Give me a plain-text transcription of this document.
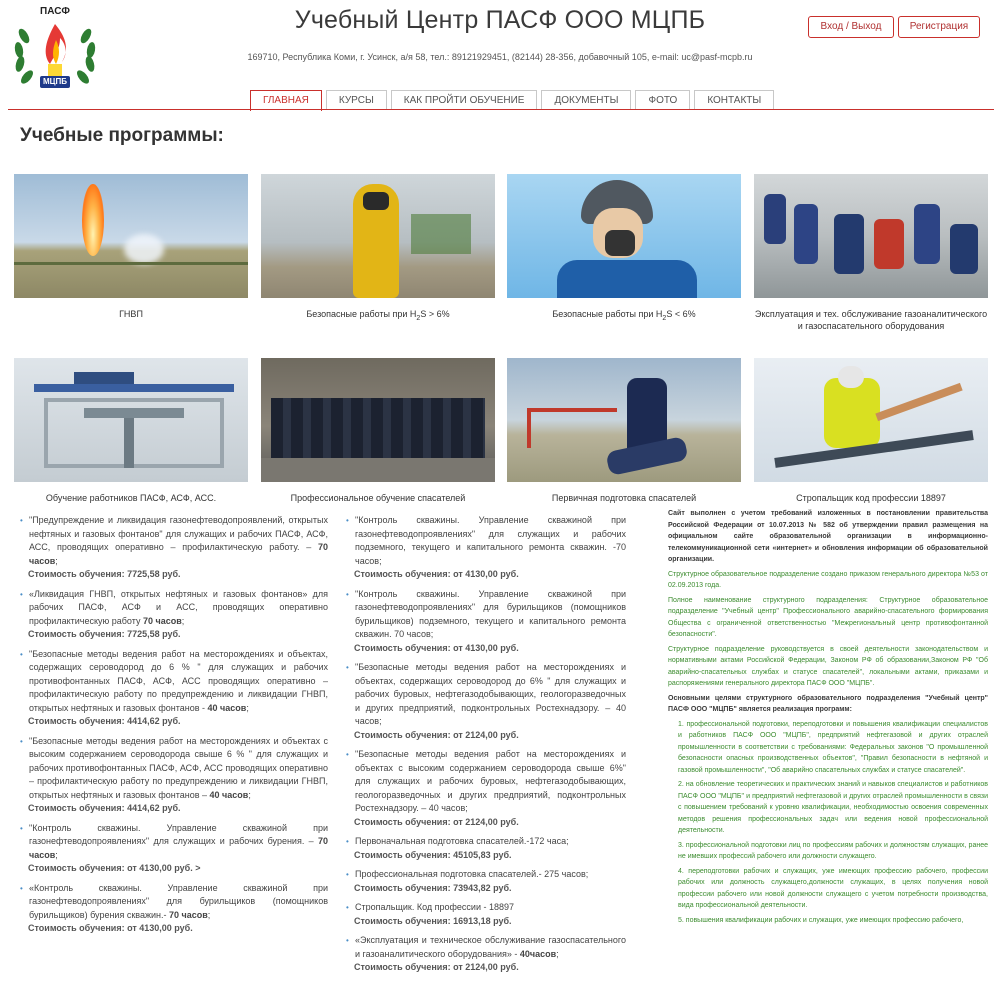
ПАСФ
МЦПБ
Учебный Центр ПАСФ ООО МЦПБ
169710, Республика Коми, г. Усинск, а/я 58, тел.: 89121929451, (82144) 28-356, добавочный 105, e-mail: uc@pasf-mcpb.ru
Вход / Выход	Регистрация
ГЛАВНАЯ	КУРСЫ	КАК ПРОЙТИ ОБУЧЕНИЕ	ДОКУМЕНТЫ	ФОТО	КОНТАКТЫ
Учебные программы:
ГНВП	Безопасные работы при $H_2S > 6\%$	Безопасные работы при $H_2S < 6\%$	Эксплуатация и тех. обслуживание газоаналитического и газоспасательного оборудования
Обучение работников ПАСФ, АСФ, АСС.	Профессиональное обучение спасателей	Первичная подготовка спасателей	Стропальщик код профессии 18897
• "Предупреждение и ликвидация газонефтеводопроявлений, открытых нефтяных и газовых фонтанов" для служащих и рабочих ПАСФ, АСФ, АСС, проводящих оперативно – профилактическую работу. – 70 часов;
Стоимость обучения: 7725,58 руб.
• «Ликвидация ГНВП, открытых нефтяных и газовых фонтанов» для рабочих ПАСФ, АСФ и АСС, проводящих оперативно профилактическую работу 70 часов;
Стоимость обучения: 7725,58 руб.
• "Безопасные методы ведения работ на месторождениях и объектах, содержащих сероводород до 6 % " для служащих и рабочих противофонтанных ПАСФ, АСФ, АСС проводящих оперативно – профилактическую работу по предупреждению и ликвидации ГНВП, открытых нефтяных и газовых фонтанов - 40 часов;
Стоимость обучения: 4414,62 руб.
• "Безопасные методы ведения работ на месторождениях и объектах с высоким содержанием сероводорода свыше 6 % " для служащих и рабочих противофонтанных ПАСФ, АСФ, АСС проводящих оперативно – профилактическую работу по предупреждению и ликвидации ГНВП, открытых нефтяных и газовых фонтанов – 40 часов;
Стоимость обучения: 4414,62 руб.
• "Контроль скважины. Управление скважиной при газонефтеводопроявлениях" для служащих и рабочих бурения. – 70 часов;
Стоимость обучения: от 4130,00 руб. >
• «Контроль скважины. Управление скважиной при газонефтеводопроявлениях" для бурильщиков (помощников бурильщиков) бурения скважин.- 70 часов;
Стоимость обучения: от 4130,00 руб.
• "Контроль скважины. Управление скважиной при газонефтеводопроявлениях" для служащих и рабочих подземного, текущего и капитального ремонта скважин. -70 часов;
Стоимость обучения: от 4130,00 руб.
• "Контроль скважины. Управление скважиной при газонефтеводопроявлениях" для бурильщиков (помощников бурильщиков) подземного, текущего и капитального ремонта скважин. 70 часов;
Стоимость обучения: от 4130,00 руб.
• "Безопасные методы ведения работ на месторождениях и объектах, содержащих сероводород до 6% " для служащих и рабочих буровых, нефтегазодобывающих, геологоразведочных и других предприятий, подконтрольных Ростехнадзору. – 40 часов;
Стоимость обучения: от 2124,00 руб.
• "Безопасные методы ведения работ на месторождениях и объектах с высоким содержанием сероводорода свыше 6%" для служащих и рабочих буровых, нефтегазодобывающих, геологоразведочных и других предприятий, подконтрольных Ростехнадзору. – 40 часов;
Стоимость обучения: от 2124,00 руб.
• Первоначальная подготовка спасателей.-172 часа;
Стоимость обучения: 45105,83 руб.
• Профессиональная подготовка спасателей.- 275 часов;
Стоимость обучения: 73943,82 руб.
• Стропальщик. Код профессии - 18897
Стоимость обучения: 16913,18 руб.
• «Эксплуатация и техническое обслуживание газоспасательного и газоаналитического оборудования» - 40часов;
Стоимость обучения: от 2124,00 руб.

Сайт выполнен с учетом требований изложенных в постановлении правительства Российской Федерации от 10.07.2013 № 582 об утверждении правил размещения на официальном сайте образовательной организации в информационно-телекоммуникационной сети «интернет» и обновления информации об образовательной организации.

Структурное образовательное подразделение создано приказом генерального директора №53 от 02.09.2013 года.

Полное наименование структурного подразделения: Структурное образовательное подразделение "Учебный центр" Профессионального аварийно-спасательного формирования Общества с ограниченной ответственностью "Межрегиональный центр противофонтанной безопасности".

Структурное подразделение руководствуется в своей деятельности законодательством и нормативными актами Российской Федерации, Законом РФ об образовании,Законом РФ "Об аварийно-спасательных службах и статусе спасателей", локальными актами, приказами и распоряжениями генерального директора ПАСФ ООО "МЦПБ".

Основными целями структурного образовательного подразделения "Учебный центр" ПАСФ ООО "МЦПБ" является реализация программ:

1. профессиональной подготовки, переподготовки и повышения квалификации специалистов и работников ПАСФ ООО "МЦПБ", предприятий нефтегазовой и других отраслей промышленности в соответствии с требованиями: Федеральных законов "О промышленной безопасности опасных производственных объектов", "Правил безопасности в нефтяной и газовой промышленности", "Об аварийно спасательных службах и статусе спасателей".
2. на обновление теоретических и практических знаний и навыков специалистов и работников ПАСФ ООО "МЦПБ" и предприятий нефтегазовой и других отраслей промышленности в связи с повышением требований к уровню квалификации, необходимостью освоения современных методов решения профессиональных задач или ведения новой профессиональной деятельности.
3. профессиональной подготовки лиц по профессиям рабочих и должностям служащих, ранее не имевших профессий рабочего или должности служащего.
4. переподготовки рабочих и служащих, уже имеющих профессию рабочего, профессии рабочих или должность служащего,должности служащих, в целях получения новой профессии рабочего или новой должности служащего с учетом потребности производства, вида профессиональной деятельности.
5. повышения квалификации рабочих и служащих, уже имеющих профессию рабочего,
